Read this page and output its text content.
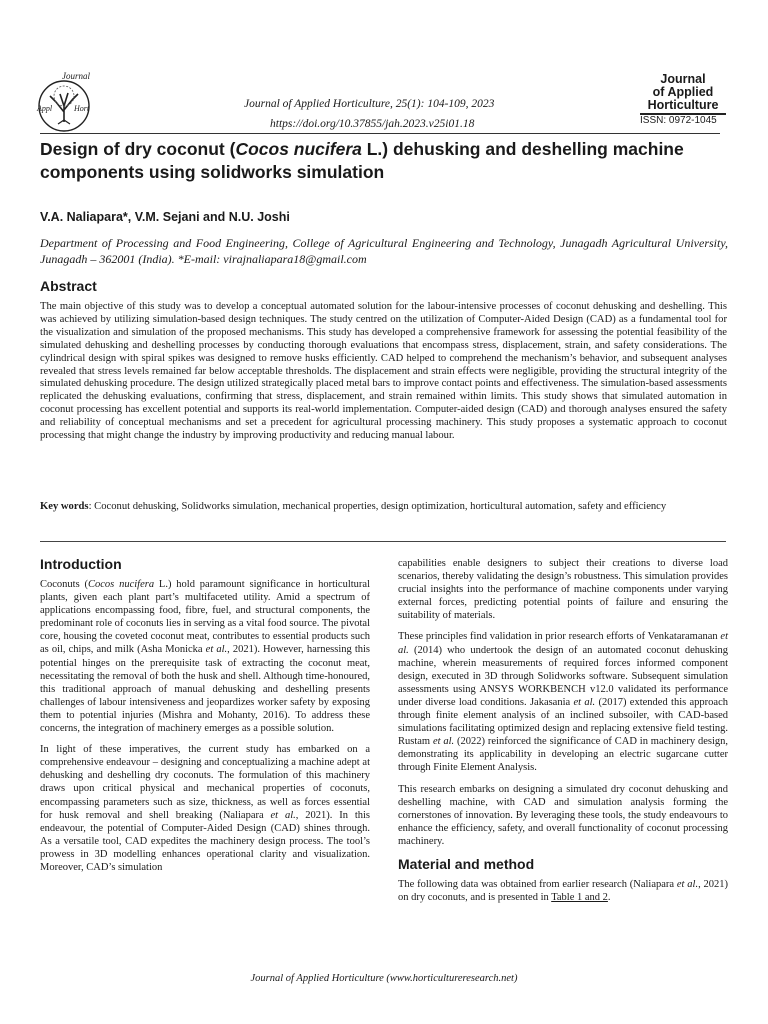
Journal
Appl	Hort	Journal of Applied Horticulture, 25(1): 104-109, 2023
https://doi.org/10.37855/jah.2023.v25i01.18
Journal
of Applied
Horticulture
ISSN: 0972-1045
Design of dry coconut (Cocos nucifera L.) dehusking and deshelling machine components using solidworks simulation
V.A. Naliapara*, V.M. Sejani and N.U. Joshi
Department of Processing and Food Engineering, College of Agricultural Engineering and Technology, Junagadh Agricultural University, Junagadh – 362001 (India). *E-mail: virajnaliapara18@gmail.com
Abstract
The main objective of this study was to develop a conceptual automated solution for the labour-intensive processes of coconut dehusking and deshelling. This was achieved by utilizing simulation-based design techniques. The study centred on the utilization of Computer-Aided Design (CAD) as a fundamental tool for the visualization and simulation of the proposed mechanisms. This study has developed a comprehensive framework for assessing the potential feasibility of the simulated dehusking and deshelling processes by conducting thorough evaluations that encompass stress, displacement, strain, and safety considerations. The cylindrical design with spiral spikes was designed to remove husks efficiently. CAD helped to comprehend the mechanism’s behavior, and subsequent analyses revealed that stress levels remained far below acceptable thresholds. The displacement and strain effects were negligible, providing the structural integrity of the simulated dehusking procedure. The design utilized strategically placed metal bars to improve contact points and effectiveness. The simulation-based assessments replicated the dehusking evaluations, confirming that stress, displacement, and strain remained within limits. This study shows that simulated automation in coconut processing has excellent potential and supports its real-world implementation. Computer-aided design (CAD) and thorough analyses ensured the safety and reliability of conceptual mechanisms and set a precedent for agricultural processing machinery. This study proposes a systematic approach to coconut processing that might change the industry by improving productivity and reducing manual labour.
Key words: Coconut dehusking, Solidworks simulation, mechanical properties, design optimization, horticultural automation, safety and efficiency
Introduction

Coconuts (Cocos nucifera L.) hold paramount significance in horticultural plants, given each plant part’s multifaceted utility. Amid a spectrum of applications encompassing food, fibre, fuel, and structural components, the predominant role of coconuts lies in serving as a vital food source. The pivotal core, housing the coveted coconut meat, contributes to essential products such as oil, chips, and milk (Asha Monicka et al., 2021). However, harnessing this potential hinges on the prerequisite task of extracting the coconut meat, necessitating the removal of both the husk and shell. Although time-honoured, this traditional approach of manual dehusking and deshelling presents challenges of labour intensiveness and jeopardizes worker safety by exposing them to potential injuries (Mishra and Mohanty, 2016). To address these concerns, the integration of machinery emerges as a possible solution.

In light of these imperatives, the current study has embarked on a comprehensive endeavour – designing and conceptualizing a machine adept at dehusking and deshelling dry coconuts. The formulation of this machinery draws upon critical physical and mechanical properties of coconuts, encompassing parameters such as size, thickness, as well as forces essential for husk removal and shell breaking (Naliapara et al., 2021). In this endeavour, the potential of Computer-Aided Design (CAD) shines through. As a versatile tool, CAD expedites the machinery design process. The tool’s prowess in 3D modelling enhances operational clarity and visualization. Moreover, CAD’s simulation

capabilities enable designers to subject their creations to diverse load scenarios, thereby validating the design’s robustness. This simulation provides crucial insights into the performance of machine components under varying external forces, predicting potential points of failure and ensuring the suitability of materials.

These principles find validation in prior research efforts of Venkataramanan et al. (2014) who undertook the design of an automated coconut dehusking machine, wherein measurements of required forces informed component design, executed in 3D through Solidworks software. Subsequent simulation assessments using ANSYS WORKBENCH v12.0 validated its performance under diverse load conditions. Jakasania et al. (2017) extended this approach through finite element analysis of an inclined subsoiler, with CAD-based simulations facilitating optimized design and replacing extensive field testing. Rustam et al. (2022) reinforced the significance of CAD in machinery design, demonstrating its applicability in developing an electric sugarcane cutter through Finite Element Analysis.

This research embarks on designing a simulated dry coconut dehusking and deshelling machine, with CAD and simulation analysis forming the cornerstones of innovation. By leveraging these tools, the study endeavours to enhance the efficiency, safety, and overall functionality of coconut processing machinery.

Material and method

The following data was obtained from earlier research (Naliapara et al., 2021) on dry coconuts, and is presented in Table 1 and 2.

Journal of Applied Horticulture (www.horticultureresearch.net)
